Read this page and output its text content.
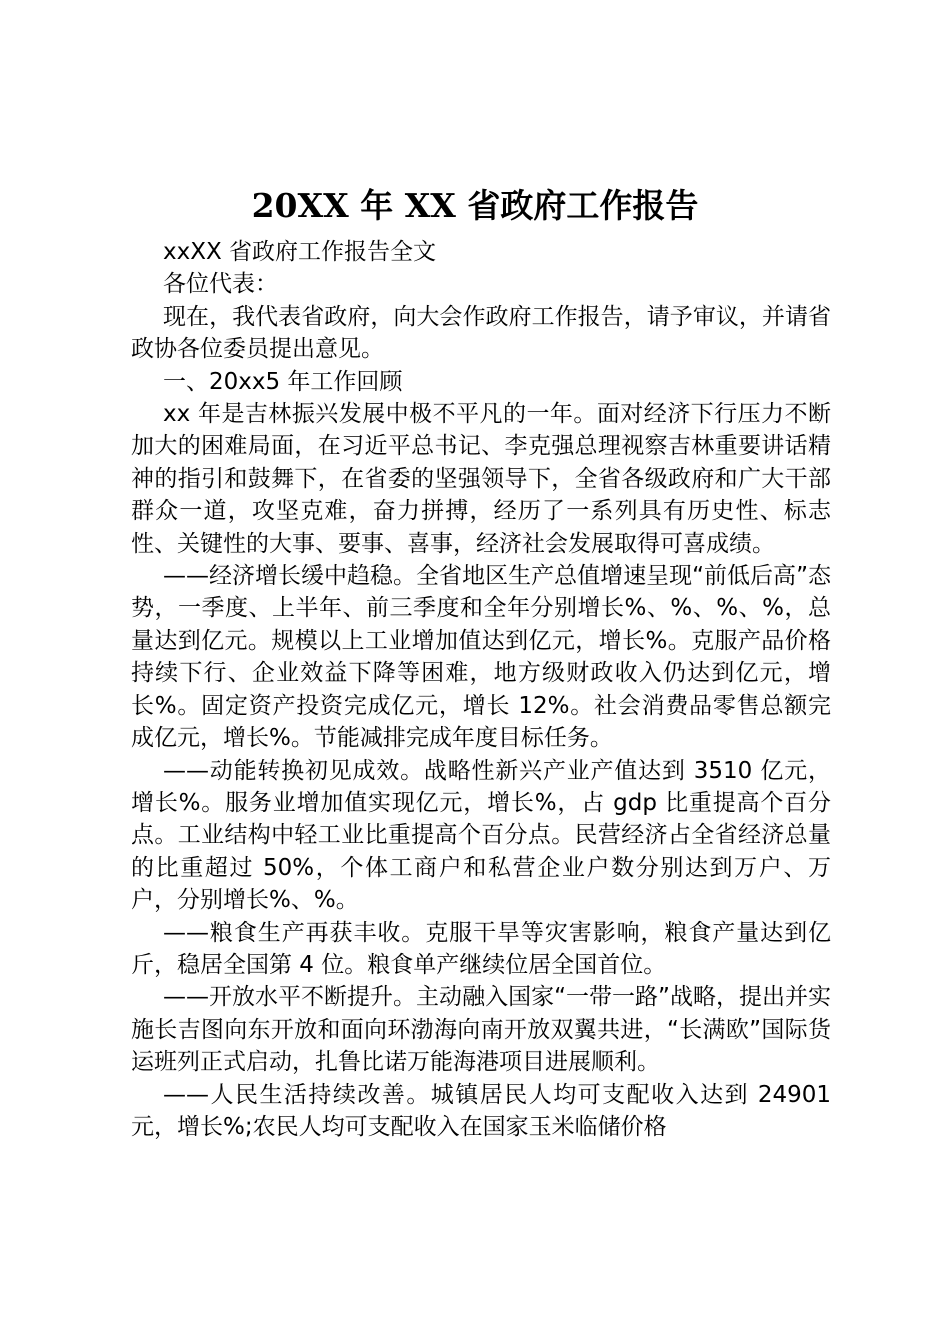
20XX 年 XX 省政府工作报告

xxXX 省政府工作报告全文

各位代表：

现在，我代表省政府，向大会作政府工作报告，请予审议，并请省政协各位委员提出意见。

一、20xx5 年工作回顾

xx 年是吉林振兴发展中极不平凡的一年。面对经济下行压力不断加大的困难局面，在习近平总书记、李克强总理视察吉林重要讲话精神的指引和鼓舞下，在省委的坚强领导下，全省各级政府和广大干部群众一道，攻坚克难，奋力拼搏，经历了一系列具有历史性、标志性、关键性的大事、要事、喜事，经济社会发展取得可喜成绩。

——经济增长缓中趋稳。全省地区生产总值增速呈现“前低后高”态势，一季度、上半年、前三季度和全年分别增长%、%、%、%，总量达到亿元。规模以上工业增加值达到亿元，增长%。克服产品价格持续下行、企业效益下降等困难，地方级财政收入仍达到亿元，增长%。固定资产投资完成亿元，增长 12%。社会消费品零售总额完成亿元，增长%。节能减排完成年度目标任务。

——动能转换初见成效。战略性新兴产业产值达到 3510 亿元，增长%。服务业增加值实现亿元，增长%，占 gdp 比重提高个百分点。工业结构中轻工业比重提高个百分点。民营经济占全省经济总量的比重超过 50%，个体工商户和私营企业户数分别达到万户、万户，分别增长%、%。

——粮食生产再获丰收。克服干旱等灾害影响，粮食产量达到亿斤，稳居全国第 4 位。粮食单产继续位居全国首位。

——开放水平不断提升。主动融入国家“一带一路”战略，提出并实施长吉图向东开放和面向环渤海向南开放双翼共进，“长满欧”国际货运班列正式启动，扎鲁比诺万能海港项目进展顺利。

——人民生活持续改善。城镇居民人均可支配收入达到 24901 元，增长%;农民人均可支配收入在国家玉米临储价格
